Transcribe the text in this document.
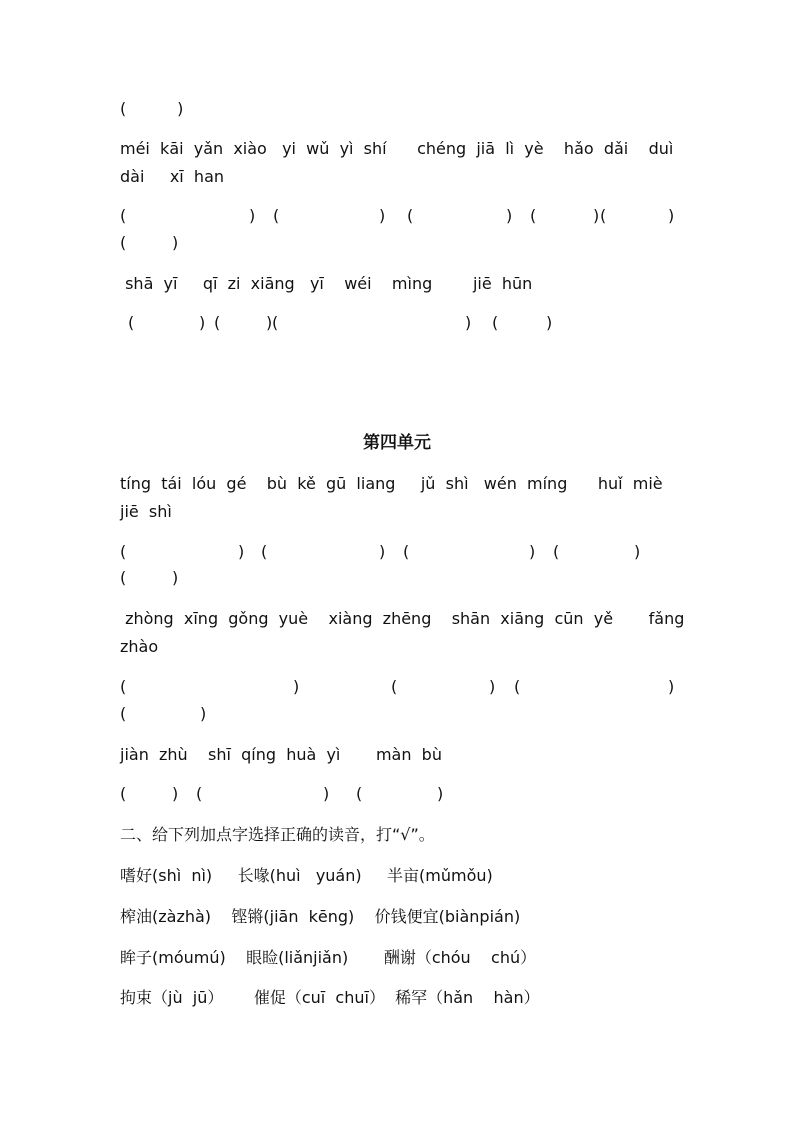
(          )
méi  kāi  yǎn  xiào   yi  wǔ  yì  shí      chéng  jiā  lì  yè    hǎo  dǎi    duì
dài     xī  han
(	) (	) (	) (	) (	)
(	)
shā  yī     qī  zi  xiāng   yī    wéi    mìng        jiē  hūn
(	) (	) (	) (	)
第四单元
tíng  tái  lóu  gé    bù  kě  gū  liang     jǔ  shì   wén  míng      huǐ  miè
jiē  shì
(	) (	) (	) (	)
(	)
zhòng  xīng  gǒng  yuè    xiàng  zhēng    shān  xiāng  cūn  yě       fǎng
zhào
(	)	(	) (	)
(	)
jiàn  zhù    shī  qíng  huà  yì       màn  bù
(	) (	) (	)
二、给下列加点字选择正确的读音，打“√”。
嗜好(shì  nì)     长喙(huì   yuán)     半亩(mǔmǒu)
榨油(zàzhà)    铿锵(jiān  kēng)    价钱便宜(biànpián)
眸子(móumú)    眼睑(liǎnjiǎn)       酬谢（chóu    chú）
拘束（jù  jū）      催促（cuī  chuī）  稀罕（hǎn    hàn）
